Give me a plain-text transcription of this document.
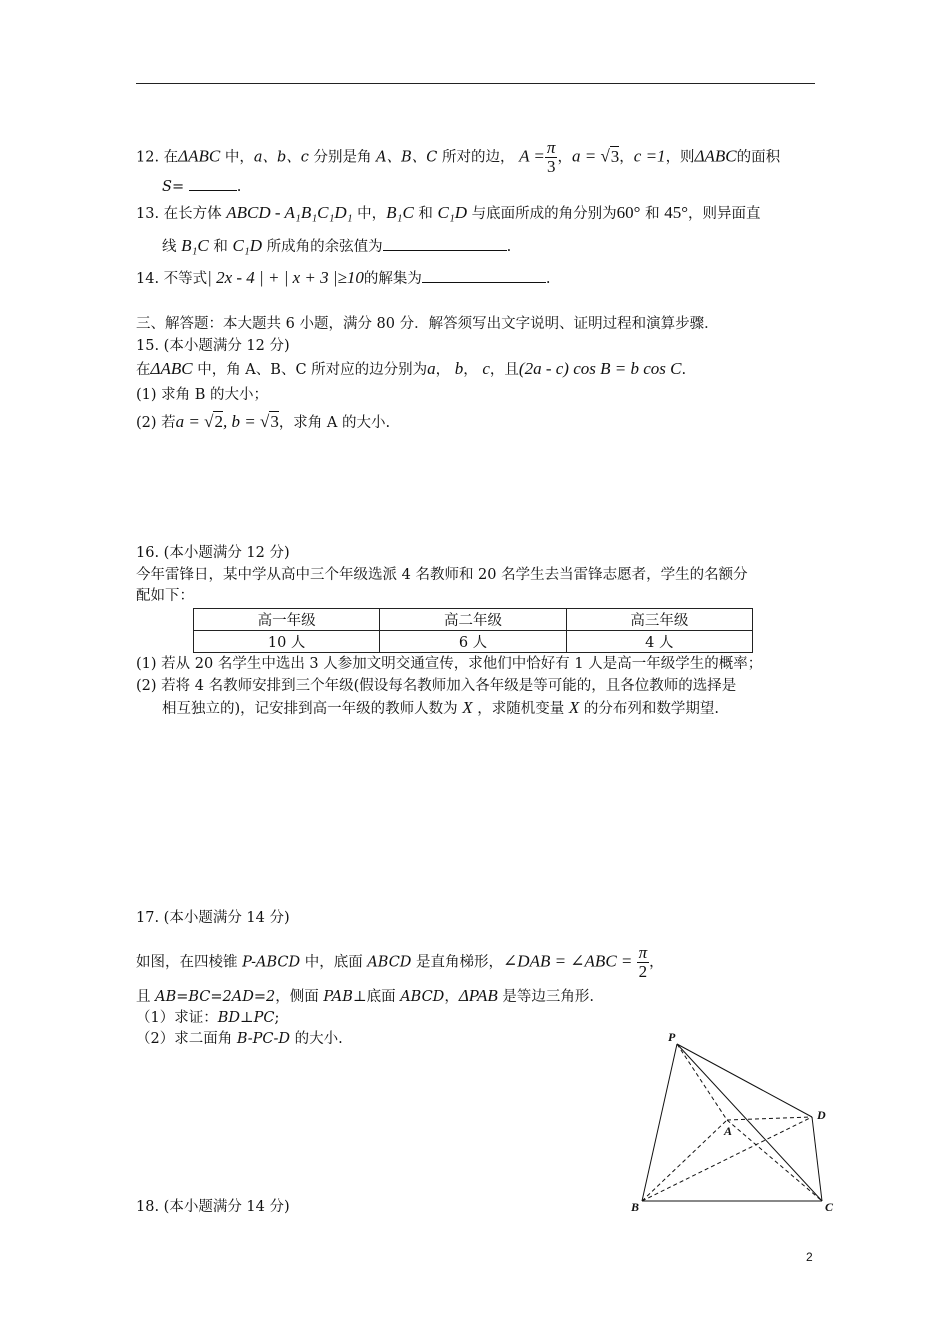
12. 在ΔABC 中，a、b、c 分别是角 A、B、C 所对的边， $A = \frac{\pi}{3}$ ，a = √3，c =1，则ΔABC的面积
S=	.
13. 在长方体 ABCD - A₁B₁C₁D₁ 中，B₁C 和 C₁D 与底面所成的角分别为60° 和 45°，则异面直
线 B₁C 和 C₁D 所成角的余弦值为	.
14. 不等式| 2x - 4 | + | x + 3 |≥10的解集为	.
三、解答题：本大题共 6 小题，满分 80 分．解答须写出文字说明、证明过程和演算步骤．
15. (本小题满分 12 分)
在ΔABC 中，角 A、B、C 所对应的边分别为a， b， c，且(2a - c) cos B = b cos C.
(1) 求角 B 的大小；
(2) 若a = √2, b = √3，求角 A 的大小.
16. (本小题满分 12 分)
今年雷锋日，某中学从高中三个年级选派 4 名教师和 20 名学生去当雷锋志愿者，学生的名额分
配如下：
高一年级	高二年级	高三年级
10 人	6 人	4 人
(1) 若从 20 名学生中选出 3 人参加文明交通宣传，求他们中恰好有 1 人是高一年级学生的概率；
(2) 若将 4 名教师安排到三个年级(假设每名教师加入各年级是等可能的，且各位教师的选择是
相互独立的)，记安排到高一年级的教师人数为 X ，求随机变量 X 的分布列和数学期望.
17. (本小题满分 14 分)
如图，在四棱锥 P-ABCD 中，底面 ABCD 是直角梯形，∠DAB = ∠ABC = $\frac{\pi}{2}$ ，
且 AB=BC=2AD=2，侧面 PAB⊥底面 ABCD，ΔPAB 是等边三角形.
（1）求证：BD⊥PC;
（2）求二面角 B-PC-D 的大小.	P
A
D
B	C
18. (本小题满分 14 分)
2
